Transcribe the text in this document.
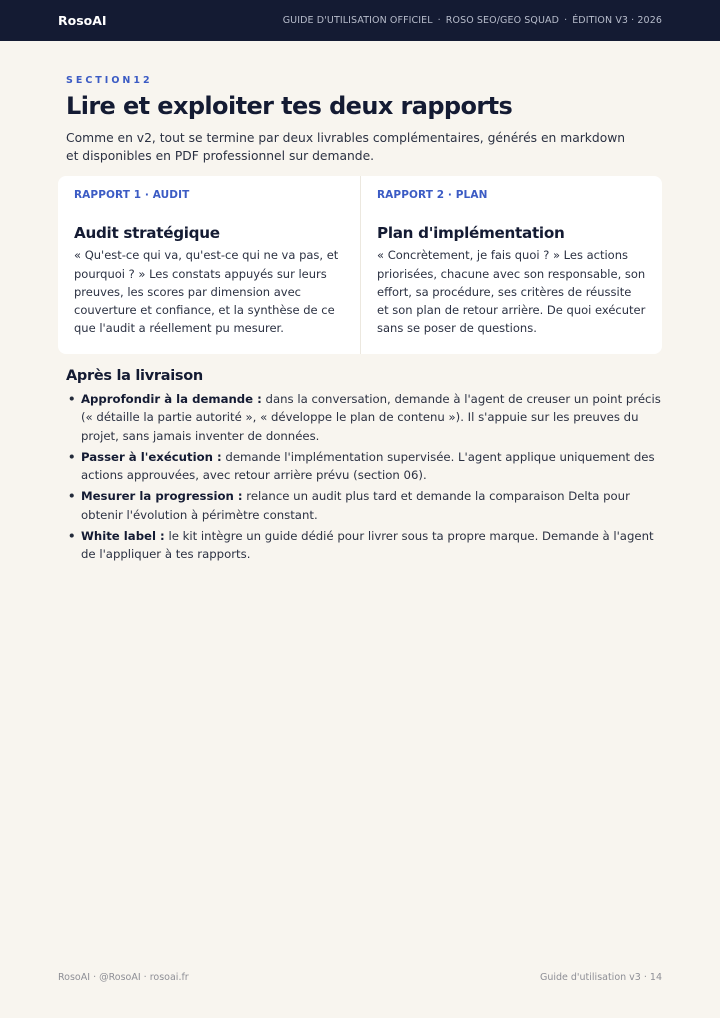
RosoAI	GUIDE D'UTILISATION OFFICIEL · ROSO SEO/GEO SQUAD · ÉDITION V3 · 2026
SECTION12
Lire et exploiter tes deux rapports

Comme en v2, tout se termine par deux livrables complémentaires, générés en markdown et disponibles en PDF professionnel sur demande.

RAPPORT 1 · AUDIT
Audit stratégique
« Qu'est-ce qui va, qu'est-ce qui ne va pas, et pourquoi ? » Les constats appuyés sur leurs preuves, les scores par dimension avec couverture et confiance, et la synthèse de ce que l'audit a réellement pu mesurer.
RAPPORT 2 · PLAN
Plan d'implémentation
« Concrètement, je fais quoi ? » Les actions priorisées, chacune avec son responsable, son effort, sa procédure, ses critères de réussite et son plan de retour arrière. De quoi exécuter sans se poser de questions.
Après la livraison
• Approfondir à la demande : dans la conversation, demande à l'agent de creuser un point précis (« détaille la partie autorité », « développe le plan de contenu »). Il s'appuie sur les preuves du projet, sans jamais inventer de données.
• Passer à l'exécution : demande l'implémentation supervisée. L'agent applique uniquement des actions approuvées, avec retour arrière prévu (section 06).
• Mesurer la progression : relance un audit plus tard et demande la comparaison Delta pour obtenir l'évolution à périmètre constant.
• White label : le kit intègre un guide dédié pour livrer sous ta propre marque. Demande à l'agent de l'appliquer à tes rapports.
RosoAI · @RosoAI · rosoai.fr	Guide d'utilisation v3 · 14
